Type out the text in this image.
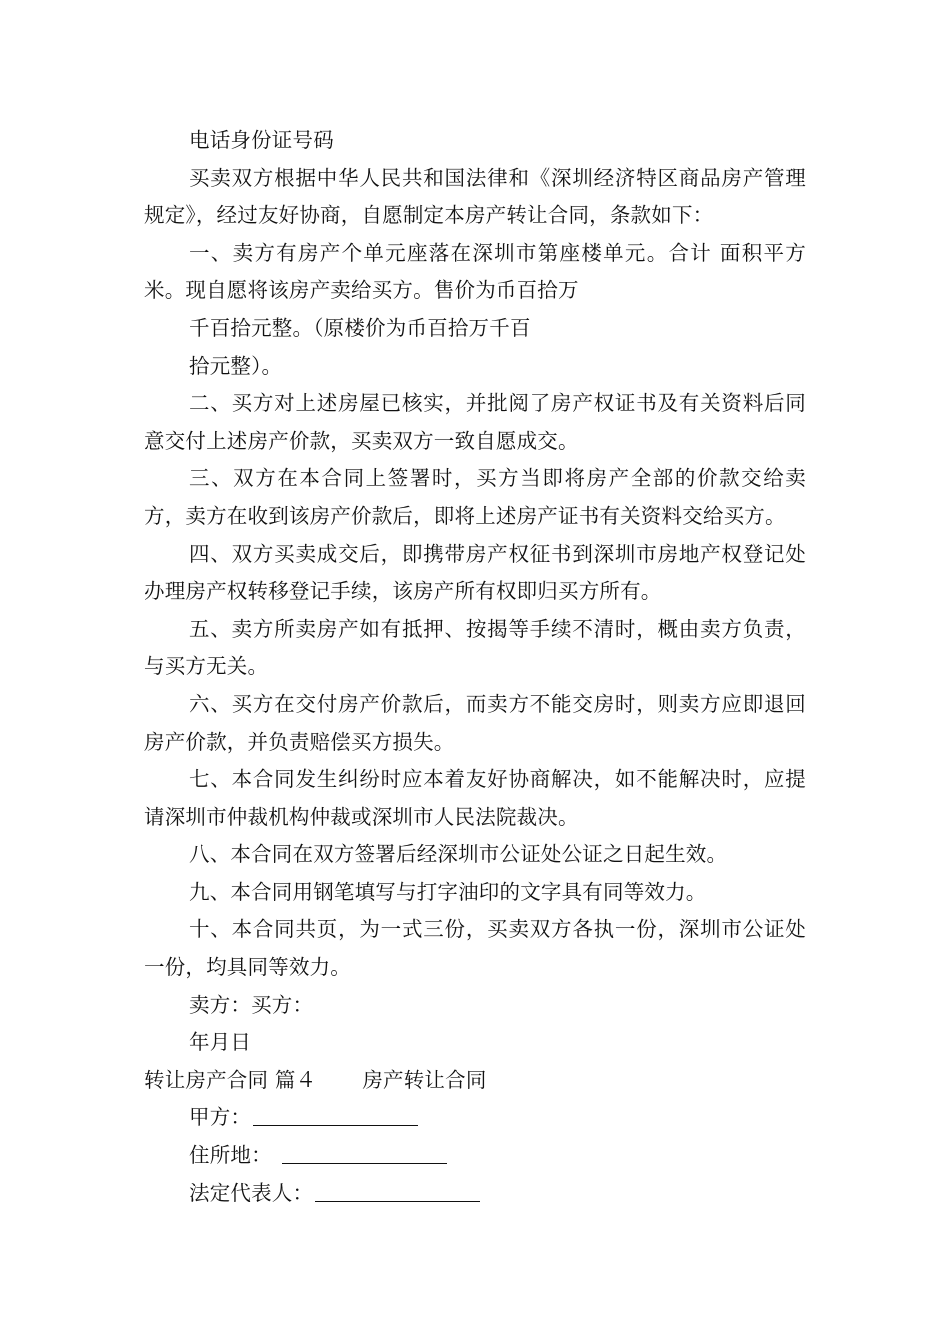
电话身份证号码

买卖双方根据中华人民共和国法律和《深圳经济特区商品房产管理规定》，经过友好协商，自愿制定本房产转让合同，条款如下：

一、卖方有房产个单元座落在深圳市第座楼单元。合计 面积平方米。现自愿将该房产卖给买方。售价为币百拾万

千百拾元整。（原楼价为币百拾万千百

拾元整）。

二、买方对上述房屋已核实，并批阅了房产权证书及有关资料后同意交付上述房产价款，买卖双方一致自愿成交。

三、双方在本合同上签署时，买方当即将房产全部的价款交给卖方，卖方在收到该房产价款后，即将上述房产证书有关资料交给买方。

四、双方买卖成交后，即携带房产权征书到深圳市房地产权登记处办理房产权转移登记手续，该房产所有权即归买方所有。

五、卖方所卖房产如有抵押、按揭等手续不清时，概由卖方负责，与买方无关。

六、买方在交付房产价款后，而卖方不能交房时，则卖方应即退回房产价款，并负责赔偿买方损失。

七、本合同发生纠纷时应本着友好协商解决，如不能解决时，应提请深圳市仲裁机构仲裁或深圳市人民法院裁决。

八、本合同在双方签署后经深圳市公证处公证之日起生效。

九、本合同用钢笔填写与打字油印的文字具有同等效力。

十、本合同共页，为一式三份，买卖双方各执一份，深圳市公证处一份，均具同等效力。

卖方：买方：

年月日

转让房产合同 篇４ 房产转让合同

甲方：

住所地：

法定代表人：
